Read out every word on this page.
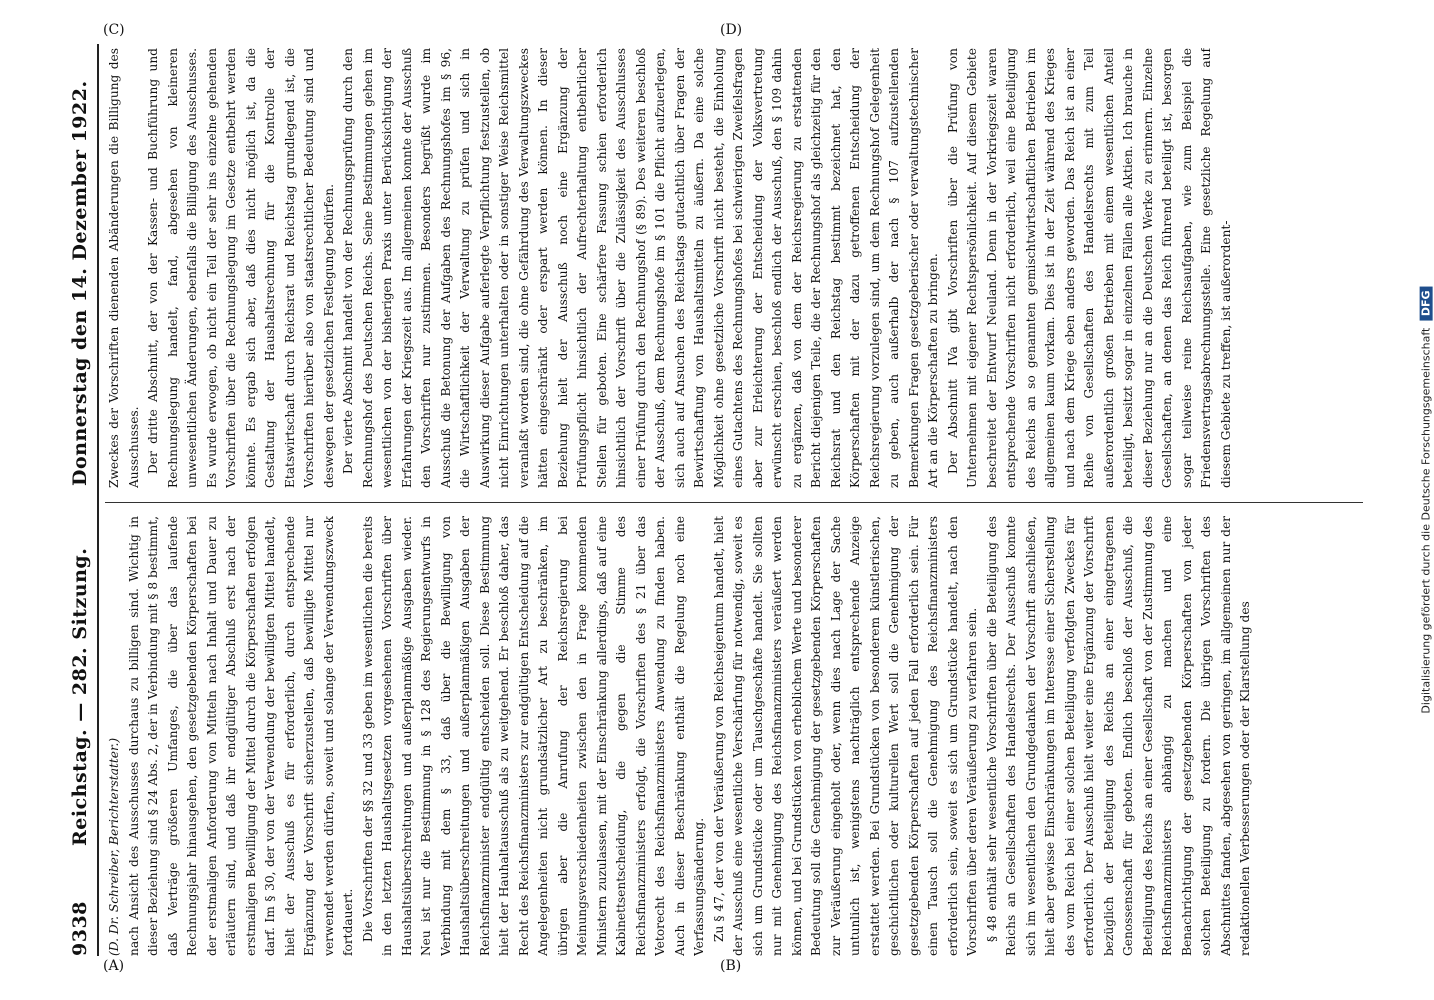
9338
Reichstag. — 282. Sitzung.
Donnerstag den 14. Dezember 1922.

(D. Dr. Schreiber, Berichterstatter.) nach Ansicht des Ausschusses durchaus zu billigen sind. Wichtig in dieser Beziehung sind § 24 Abs. 2, der in Verbindung mit § 8 bestimmt, daß Verträge größeren Umfanges, die über das laufende Rechnungsjahr hinausgehen, den gesetzgebenden Körperschaften bei der erstmaligen Anforderung von Mitteln nach Inhalt und Dauer zu erläutern sind, und daß ihr endgültiger Abschluß erst nach der erstmaligen Bewilligung der Mittel durch die Körperschaften erfolgen darf. Im § 30, der von der Verwendung der bewilligten Mittel handelt, hielt der Ausschuß es für erforderlich, durch entsprechende Ergänzung der Vorschrift sicherzustellen, daß bewilligte Mittel nur verwendet werden dürfen, soweit und solange der Verwendungszweck fortdauert. Die Vorschriften der §§ 32 und 33 geben im wesentlichen die bereits in den letzten Haushaltsgesetzen vorgesehenen Vorschriften über Haushaltsüberschreitungen und außerplanmäßige Ausgaben wieder. Neu ist nur die Bestimmung in § 128 des Regierungsentwurfs in Verbindung mit dem § 33, daß über die Bewilligung von Haushaltsüberschreitungen und außerplanmäßigen Ausgaben der Reichsfinanzminister endgültig entscheiden soll. Diese Bestimmung hielt der Hauhaltausschuß als zu weitgehend. Er beschloß daher, das Recht des Reichsfinanzministers zur endgültigen Entscheidung auf die Angelegenheiten nicht grundsätzlicher Art zu beschränken, im übrigen aber die Anrufung der Reichsregierung bei Meinungsverschiedenheiten zwischen den in Frage kommenden Ministern zuzulassen, mit der Einschränkung allerdings, daß auf eine Kabinettsentscheidung, die gegen die Stimme des Reichsfinanzministers erfolgt, die Vorschriften des § 21 über das Vetorecht des Reichsfinanzministers Anwendung zu finden haben. Auch in dieser Beschränkung enthält die Regelung noch eine Verfassungsänderung. Zu § 47, der von der Veräußerung von Reichseigentum handelt, hielt der Ausschuß eine wesentliche Verschärfung für notwendig, soweit es sich um Grundstücke oder um Tauschgeschäfte handelt. Sie sollten nur mit Genehmigung des Reichsfinanzministers veräußert werden können, und bei Grundstücken von erheblichem Werte und besonderer Bedeutung soll die Genehmigung der gesetzgebenden Körperschaften zur Veräußerung eingeholt oder, wenn dies nach Lage der Sache untunlich ist, wenigstens nachträglich entsprechende Anzeige erstattet werden. Bei Grundstücken von besonderem künstlerischen, geschichtlichen oder kulturellen Wert soll die Genehmigung der gesetzgebenden Körperschaften auf jeden Fall erforderlich sein. Für einen Tausch soll die Genehmigung des Reichsfinanzministers erforderlich sein, soweit es sich um Grundstücke handelt, nach den Vorschriften über deren Veräußerung zu verfahren sein. § 48 enthält sehr wesentliche Vorschriften über die Beteiligung des Reichs an Gesellschaften des Handelsrechts. Der Ausschuß konnte sich im wesentlichen den Grundgedanken der Vorschrift anschließen, hielt aber gewisse Einschränkungen im Interesse einer Sicherstellung des vom Reich bei einer solchen Beteiligung verfolgten Zweckes für erforderlich. Der Ausschuß hielt weiter eine Ergänzung der Vorschrift bezüglich der Beteiligung des Reichs an einer eingetragenen Genossenschaft für geboten. Endlich beschloß der Ausschuß, die Beteiligung des Reichs an einer Gesellschaft von der Zustimmung des Reichsfinanzministers abhängig zu machen und eine Benachrichtigung der gesetzgebenden Körperschaften von jeder solchen Beteiligung zu fordern. Die übrigen Vorschriften des Abschnittes fanden, abgesehen von geringen, im allgemeinen nur der redaktionellen Verbesserungen oder der Klarstellung des

Zweckes der Vorschriften dienenden Abänderungen die Billigung des Ausschusses. Der dritte Abschnitt, der von der Kassen- und Buchführung und Rechnungslegung handelt, fand, abgesehen von kleineren unwesentlichen Änderungen, ebenfalls die Billigung des Ausschusses. Es wurde erwogen, ob nicht ein Teil der sehr ins einzelne gehenden Vorschriften über die Rechnungslegung im Gesetze entbehrt werden könnte. Es ergab sich aber, daß dies nicht möglich ist, da die Gestaltung der Haushaltsrechnung für die Kontrolle der Etatswirtschaft durch Reichsrat und Reichstag grundlegend ist, die Vorschriften hierüber also von staatsrechtlicher Bedeutung sind und deswegen der gesetzlichen Festlegung bedürfen. Der vierte Abschnitt handelt von der Rechnungsprüfung durch den Rechnungshof des Deutschen Reichs. Seine Bestimmungen gehen im wesentlichen von der bisherigen Praxis unter Berücksichtigung der Erfahrungen der Kriegszeit aus. Im allgemeinen konnte der Ausschuß den Vorschriften nur zustimmen. Besonders begrüßt wurde im Ausschuß die Betonung der Aufgaben des Rechnungshofes im § 96, die Wirtschaftlichkeit der Verwaltung zu prüfen und sich in Auswirkung dieser Aufgabe auferlegte Verpflichtung festzustellen, ob nicht Einrichtungen unterhalten oder in sonstiger Weise Reichsmittel veranlaßt worden sind, die ohne Gefährdung des Verwaltungszweckes hätten eingeschränkt oder erspart werden können. In dieser Beziehung hielt der Ausschuß noch eine Ergänzung der Prüfungspflicht hinsichtlich der Aufrechterhaltung entbehrlicher Stellen für geboten. Eine schärfere Fassung schien erforderlich hinsichtlich der Vorschrift über die Zulässigkeit des Ausschlusses einer Prüfung durch den Rechnungshof (§ 89). Des weiteren beschloß der Ausschuß, dem Rechnungshofe im § 101 die Pflicht aufzuerlegen, sich auch auf Ansuchen des Reichstags gutachtlich über Fragen der Bewirtschaftung von Haushaltsmitteln zu äußern. Da eine solche Möglichkeit ohne gesetzliche Vorschrift nicht besteht, die Einholung eines Gutachtens des Rechnungshofes bei schwierigen Zweifelsfragen aber zur Erleichterung der Entscheidung der Volksvertretung erwünscht erschien, beschloß endlich der Ausschuß, den § 109 dahin zu ergänzen, daß von dem der Reichsregierung zu erstattenden Bericht diejenigen Teile, die der Rechnungshof als gleichzeitig für den Reichsrat und den Reichstag bestimmt bezeichnet hat, den Körperschaften mit der dazu getroffenen Entscheidung der Reichsregierung vorzulegen sind, um dem Rechnungshof Gelegenheit zu geben, auch außerhalb der nach § 107 aufzustellenden Bemerkungen Fragen gesetzgeberischer oder verwaltungstechnischer Art an die Körperschaften zu bringen. Der Abschnitt IVa gibt Vorschriften über die Prüfung von Unternehmen mit eigener Rechtspersönlichkeit. Auf diesem Gebiete beschreitet der Entwurf Neuland. Denn in der Vorkriegszeit waren entsprechende Vorschriften nicht erforderlich, weil eine Beteiligung des Reichs an so genannten gemischtwirtschaftlichen Betrieben im allgemeinen kaum vorkam. Dies ist in der Zeit während des Krieges und nach dem Kriege eben anders geworden. Das Reich ist an einer Reihe von Gesellschaften des Handelsrechts mit zum Teil außerordentlich großen Betrieben mit einem wesentlichen Anteil beteiligt, besitzt sogar in einzelnen Fällen alle Aktien. Ich brauche in dieser Beziehung nur an die Deutschen Werke zu erinnern. Einzelne Gesellschaften, an denen das Reich führend beteiligt ist, besorgen sogar teilweise reine Reichsaufgaben, wie zum Beispiel die Friedensvertragsabrechnungsstelle. Eine gesetzliche Regelung auf diesem Gebiete zu treffen, ist außerordent-

(A)	(B)
(C)	(D)
Digitalisierung gefördert durch die Deutsche Forschungsgemeinschaft DFG
